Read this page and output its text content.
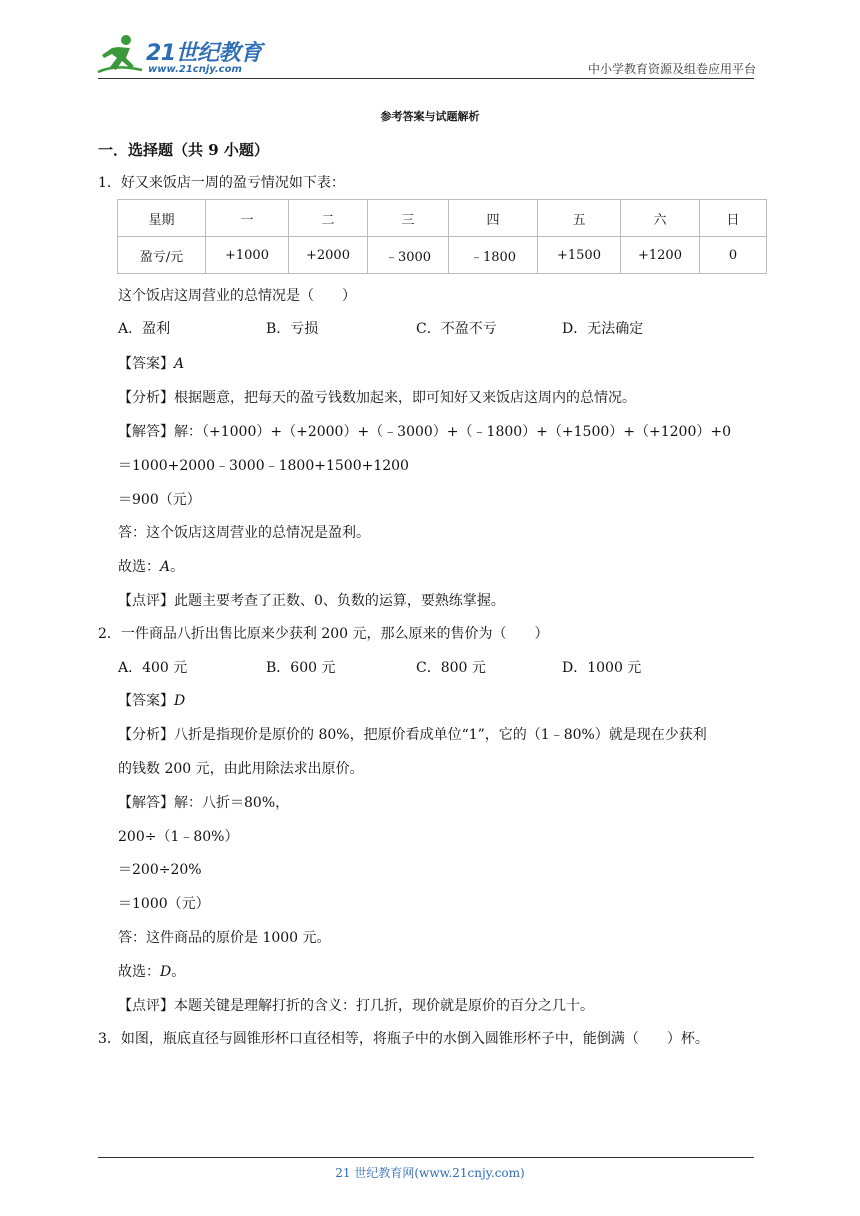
21世纪教育
www.21cnjy.com	中小学教育资源及组卷应用平台
参考答案与试题解析
一．选择题（共 9 小题）
1．好又来饭店一周的盈亏情况如下表：
星期	一	二	三	四	五	六	日
盈亏/元	+1000	+2000	﹣3000	﹣1800	+1500	+1200	0
这个饭店这周营业的总情况是（　　）
A．盈利	B．亏损	C．不盈不亏	D．无法确定
【答案】A
【分析】根据题意，把每天的盈亏钱数加起来，即可知好又来饭店这周内的总情况。
【解答】解：（+1000）+（+2000）+（﹣3000）+（﹣1800）+（+1500）+（+1200）+0
＝1000+2000﹣3000﹣1800+1500+1200
＝900（元）
答：这个饭店这周营业的总情况是盈利。
故选：A。
【点评】此题主要考查了正数、0、负数的运算，要熟练掌握。
2．一件商品八折出售比原来少获利 200 元，那么原来的售价为（　　）
A．400 元	B．600 元	C．800 元	D．1000 元
【答案】D
【分析】八折是指现价是原价的 80%，把原价看成单位“1”，它的（1﹣80%）就是现在少获利
的钱数 200 元，由此用除法求出原价。
【解答】解：八折＝80%，
200÷（1﹣80%）
＝200÷20%
＝1000（元）
答：这件商品的原价是 1000 元。
故选：D。
【点评】本题关键是理解打折的含义：打几折，现价就是原价的百分之几十。
3．如图，瓶底直径与圆锥形杯口直径相等，将瓶子中的水倒入圆锥形杯子中，能倒满（　　）杯。
21 世纪教育网(www.21cnjy.com)
